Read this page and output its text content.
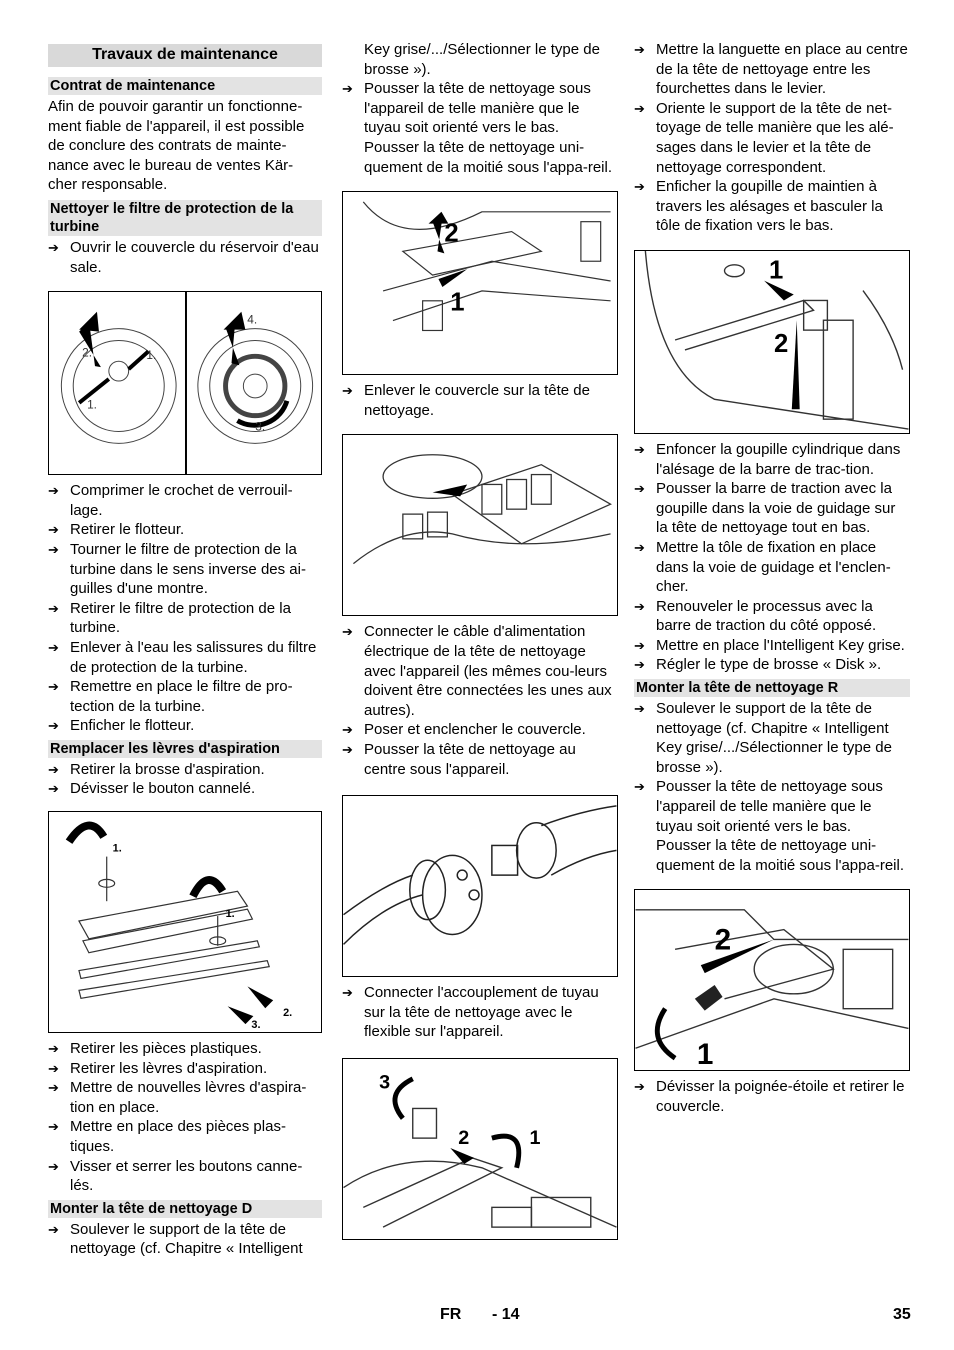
Travaux de maintenance
Contrat de maintenance

Afin de pouvoir garantir un fonctionne-ment fiable de l'appareil, il est possible de conclure des contrats de mainte-nance avec le bureau de ventes Kär-cher responsable.

Nettoyer le filtre de protection de la turbine
➔ Ouvrir le couvercle du réservoir d'eau sale.
2.	1.
1.
4.
3.
➔ Comprimer le crochet de verrouil-lage.
➔ Retirer le flotteur.
➔ Tourner le filtre de protection de la turbine dans le sens inverse des ai-guilles d'une montre.
➔ Retirer le filtre de protection de la turbine.
➔ Enlever à l'eau les salissures du filtre de protection de la turbine.
➔ Remettre en place le filtre de pro-tection de la turbine.
➔ Enficher le flotteur.
Remplacer les lèvres d'aspiration
➔ Retirer la brosse d'aspiration.
➔ Dévisser le bouton cannelé.
1.
1.
2.
3.
➔ Retirer les pièces plastiques.
➔ Retirer les lèvres d'aspiration.
➔ Mettre de nouvelles lèvres d'aspira-tion en place.
➔ Mettre en place des pièces plas-tiques.
➔ Visser et serrer les boutons canne-lés.
Monter la tête de nettoyage D
➔ Soulever le support de la tête de nettoyage (cf. Chapitre « Intelligent

Key grise/.../Sélectionner le type de brosse »).

➔ Pousser la tête de nettoyage sous l'appareil de telle manière que le tuyau soit orienté vers le bas.

Pousser la tête de nettoyage uni-quement de la moitié sous l'appa-reil.

2
1
➔ Enlever le couvercle sur la tête de nettoyage.
➔ Connecter le câble d'alimentation électrique de la tête de nettoyage avec l'appareil (les mêmes cou-leurs doivent être connectées les unes aux autres).
➔ Poser et enclencher le couvercle.
➔ Pousser la tête de nettoyage au centre sous l'appareil.
➔ Connecter l'accouplement de tuyau sur la tête de nettoyage avec le flexible sur l'appareil.
3
2	1
➔ Mettre la languette en place au centre de la tête de nettoyage entre les fourchettes dans le levier.
➔ Oriente le support de la tête de net-toyage de telle manière que les alé-sages dans le levier et la tête de nettoyage correspondent.
➔ Enficher la goupille de maintien à travers les alésages et basculer la tôle de fixation vers le bas.
1
2
➔ Enfoncer la goupille cylindrique dans l'alésage de la barre de trac-tion.
➔ Pousser la barre de traction avec la goupille dans la voie de guidage sur la tête de nettoyage tout en bas.
➔ Mettre la tôle de fixation en place dans la voie de guidage et l'enclen-cher.
➔ Renouveler le processus avec la barre de traction du côté opposé.
➔ Mettre en place l'Intelligent Key grise.
➔ Régler le type de brosse « Disk ».
Monter la tête de nettoyage R
➔ Soulever le support de la tête de nettoyage (cf. Chapitre « Intelligent Key grise/.../Sélectionner le type de brosse »).
➔ Pousser la tête de nettoyage sous l'appareil de telle manière que le tuyau soit orienté vers le bas.

Pousser la tête de nettoyage uni-quement de la moitié sous l'appa-reil.

2
1
➔ Dévisser la poignée-étoile et retirer le couvercle.
FR - 14	35
